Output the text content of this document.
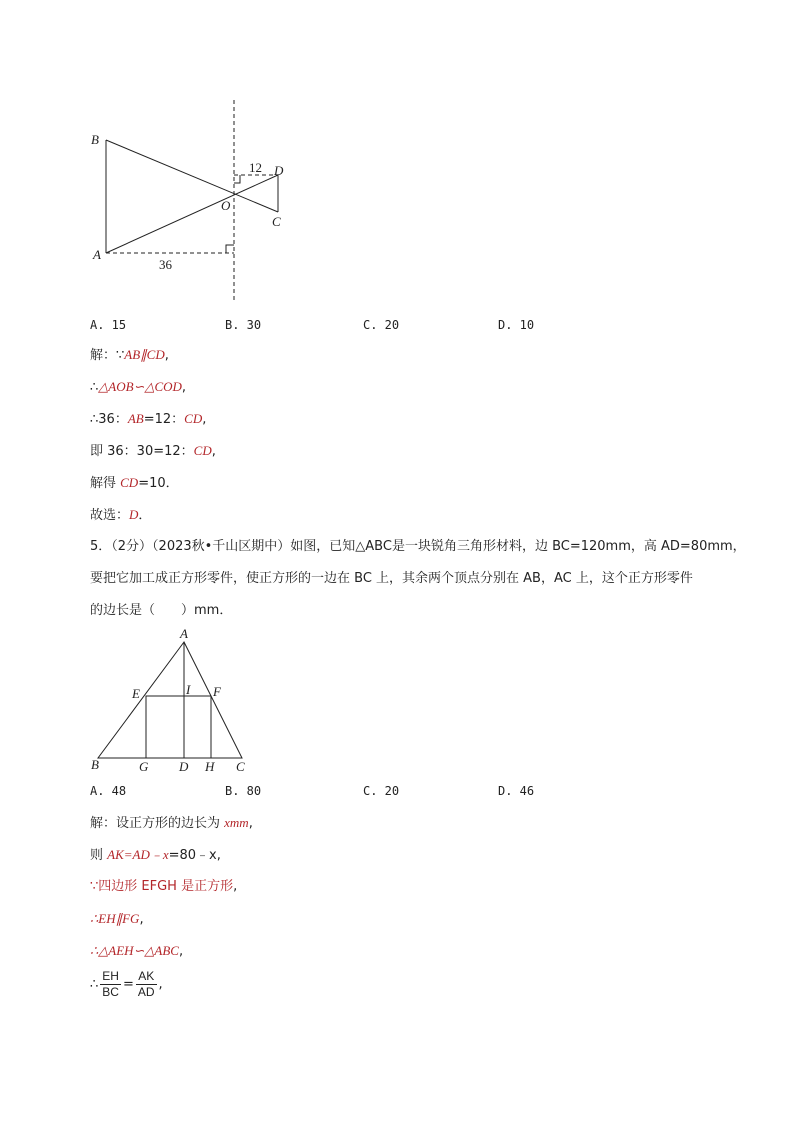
B
A
O
D
C
12
36
A. 15	B. 30	C. 20	D. 10
解：∵AB∥CD,
∴△AOB∽△COD,
∴36：AB=12：CD,
即 36：30=12：CD,
解得 CD=10．
故选：D．
5．（2分）（2023秋•千山区期中）如图，已知△ABC是一块锐角三角形材料，边 BC=120mm，高 AD=80mm，
要把它加工成正方形零件，使正方形的一边在 BC 上，其余两个顶点分别在 AB，AC 上，这个正方形零件
的边长是（　　）mm．
A
E	I F
B	G D H C
A. 48	B. 80	C. 20	D. 46
解：设正方形的边长为 xmm,
则 AK=AD﹣x=80﹣x,
∵四边形 EFGH 是正方形,
∴EH∥FG,
∴△AEH∽△ABC,
∴ $\frac{EH}{BC} = \frac{AK}{AD}$ ,
